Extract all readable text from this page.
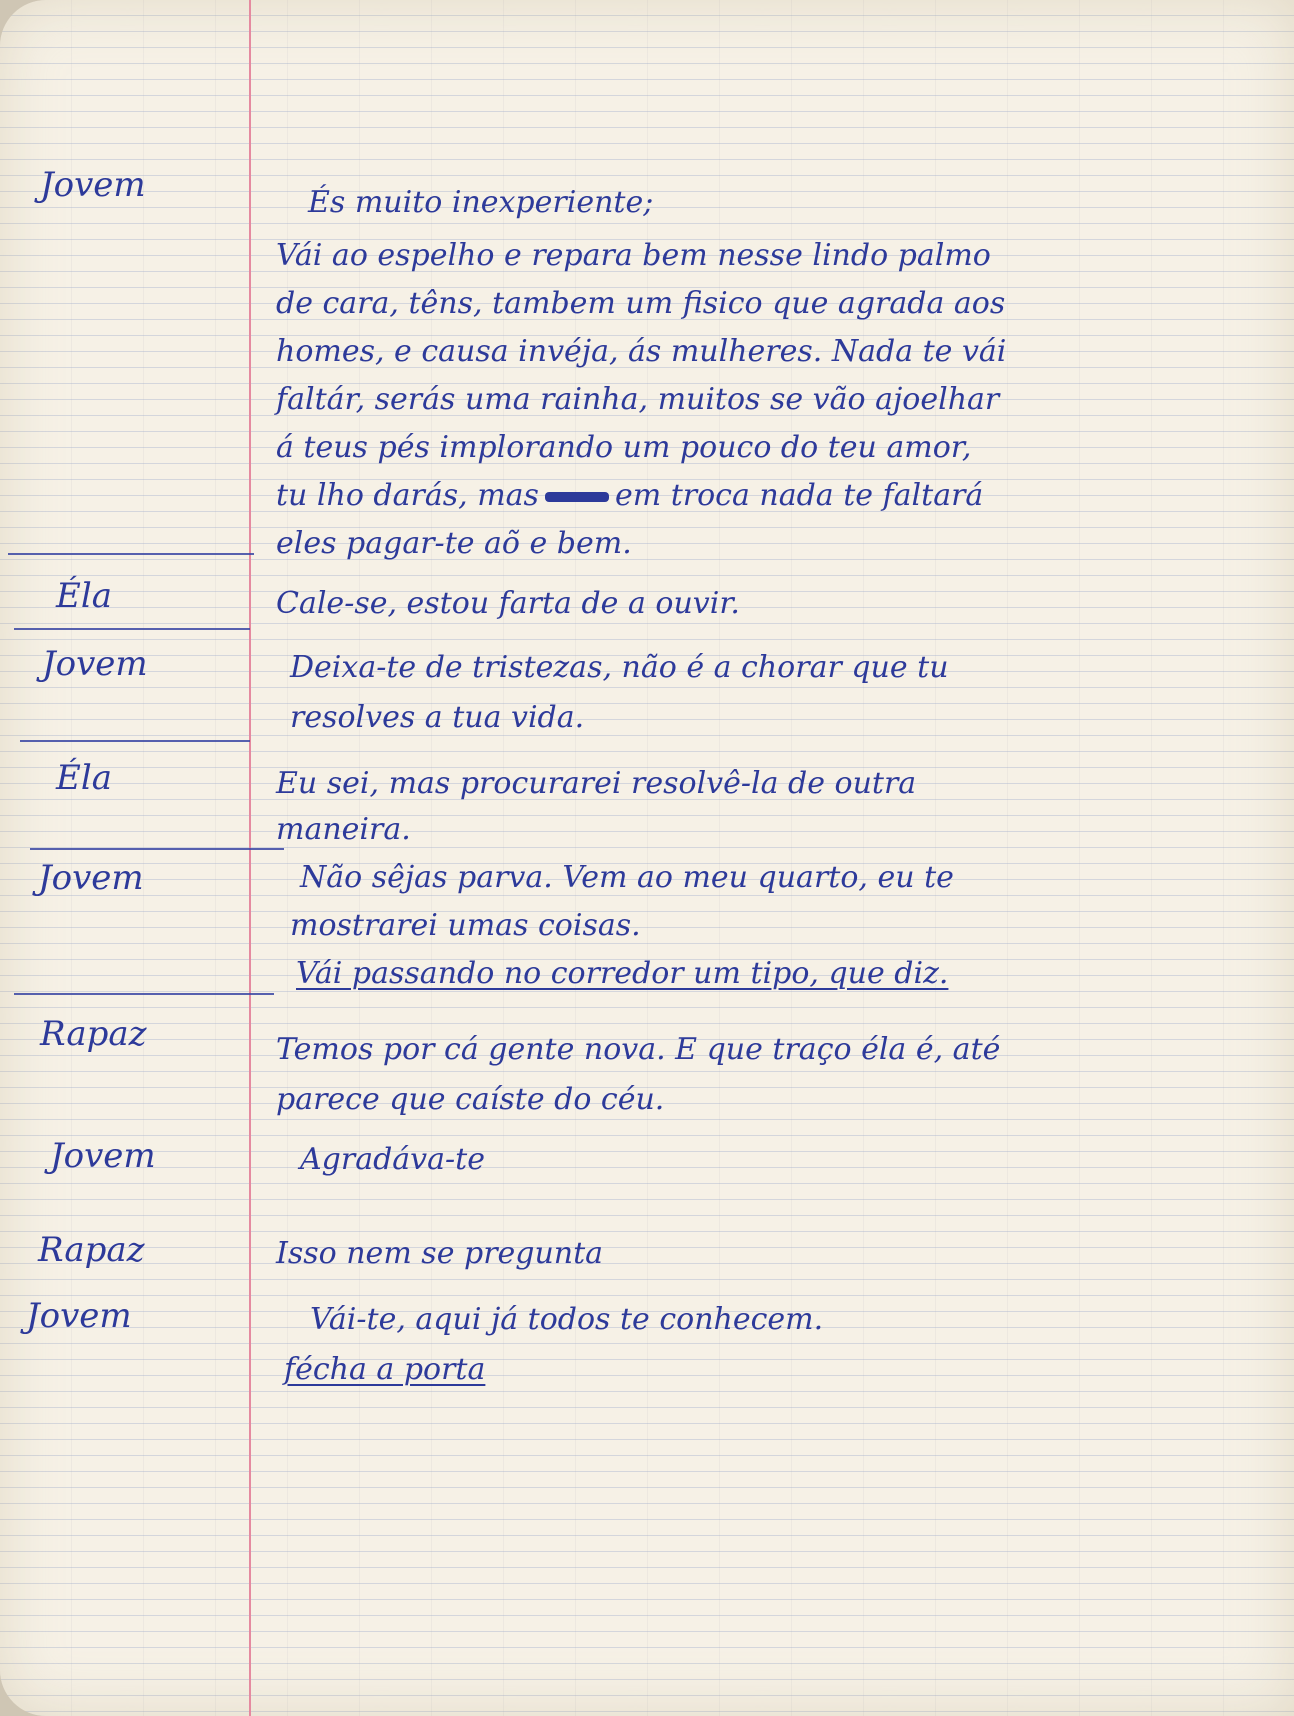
Jovem
Éla
Jovem
Éla
Jovem
Rapaz
Jovem
Rapaz
Jovem
És muito inexperiente;
Vái ao espelho e repara bem nesse lindo palmo
de cara, têns, tambem um fisico que agrada aos
homes, e causa invéja, ás mulheres. Nada te vái
faltár, serás uma rainha, muitos se vão ajoelhar
á teus pés implorando um pouco do teu amor,
tu lho darás, mas	em troca nada te faltará
eles pagar-te aõ e bem.
Cale-se, estou farta de a ouvir.
Deixa-te de tristezas, não é a chorar que tu
resolves a tua vida.
Eu sei, mas procurarei resolvê-la de outra
maneira.
Não sêjas parva. Vem ao meu quarto, eu te
mostrarei umas coisas.
Vái passando no corredor um tipo, que diz.
Temos por cá gente nova. E que traço éla é, até
parece que caíste do céu.
Agradáva-te
Isso nem se pregunta
Vái-te, aqui já todos te conhecem.
fécha a porta
